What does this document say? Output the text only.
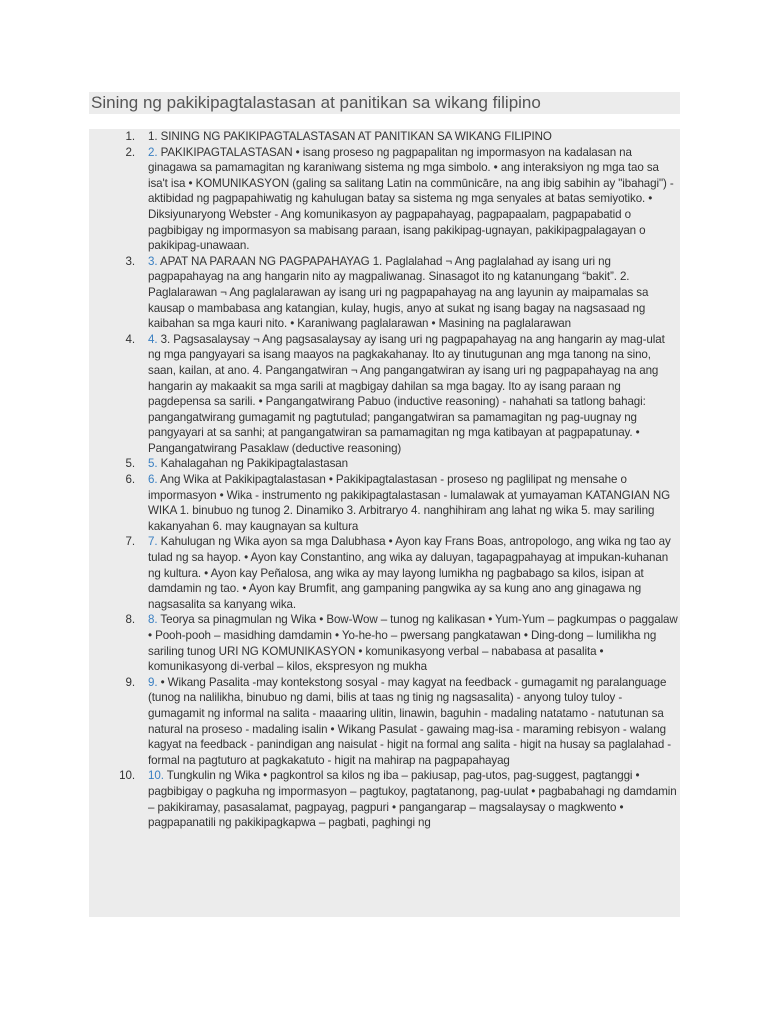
Sining ng pakikipagtalastasan at panitikan sa wikang filipino
1. 1. SINING NG PAKIKIPAGTALASTASAN AT PANITIKAN SA WIKANG FILIPINO
2. 2. PAKIKIPAGTALASTASAN • isang proseso ng pagpapalitan ng impormasyon na kadalasan na ginagawa sa pamamagitan ng karaniwang sistema ng mga simbolo. • ang interaksiyon ng mga tao sa isa't isa • KOMUNIKASYON (galing sa salitang Latin na commūnicāre, na ang ibig sabihin ay "ibahagi") - aktibidad ng pagpapahiwatig ng kahulugan batay sa sistema ng mga senyales at batas semiyotiko. • Diksiyunaryong Webster - Ang komunikasyon ay pagpapahayag, pagpapaalam, pagpapabatid o pagbibigay ng impormasyon sa mabisang paraan, isang pakikipag-ugnayan, pakikipagpalagayan o pakikipag-unawaan.
3. 3. APAT NA PARAAN NG PAGPAPAHAYAG 1. Paglalahad ¬ Ang paglalahad ay isang uri ng pagpapahayag na ang hangarin nito ay magpaliwanag. Sinasagot ito ng katanungang “bakit”. 2. Paglalarawan ¬ Ang paglalarawan ay isang uri ng pagpapahayag na ang layunin ay maipamalas sa kausap o mambabasa ang katangian, kulay, hugis, anyo at sukat ng isang bagay na nagsasaad ng kaibahan sa mga kauri nito. • Karaniwang paglalarawan • Masining na paglalarawan
4. 4. 3. Pagsasalaysay ¬ Ang pagsasalaysay ay isang uri ng pagpapahayag na ang hangarin ay mag-ulat ng mga pangyayari sa isang maayos na pagkakahanay. Ito ay tinutugunan ang mga tanong na sino, saan, kailan, at ano. 4. Pangangatwiran ¬ Ang pangangatwiran ay isang uri ng pagpapahayag na ang hangarin ay makaakit sa mga sarili at magbigay dahilan sa mga bagay. Ito ay isang paraan ng pagdepensa sa sarili. • Pangangatwirang Pabuo (inductive reasoning) - nahahati sa tatlong bahagi: pangangatwirang gumagamit ng pagtutulad; pangangatwiran sa pamamagitan ng pag-uugnay ng pangyayari at sa sanhi; at pangangatwiran sa pamamagitan ng mga katibayan at pagpapatunay. • Pangangatwirang Pasaklaw (deductive reasoning)
5. 5. Kahalagahan ng Pakikipagtalastasan
6. 6. Ang Wika at Pakikipagtalastasan • Pakikipagtalastasan - proseso ng paglilipat ng mensahe o impormasyon • Wika - instrumento ng pakikipagtalastasan - lumalawak at yumayaman KATANGIAN NG WIKA 1. binubuo ng tunog 2. Dinamiko 3. Arbitraryo 4. nanghihiram ang lahat ng wika 5. may sariling kakanyahan 6. may kaugnayan sa kultura
7. 7. Kahulugan ng Wika ayon sa mga Dalubhasa • Ayon kay Frans Boas, antropologo, ang wika ng tao ay tulad ng sa hayop. • Ayon kay Constantino, ang wika ay daluyan, tagapagpahayag at impukan-kuhanan ng kultura. • Ayon kay Peñalosa, ang wika ay may layong lumikha ng pagbabago sa kilos, isipan at damdamin ng tao. • Ayon kay Brumfit, ang gampaning pangwika ay sa kung ano ang ginagawa ng nagsasalita sa kanyang wika.
8. 8. Teorya sa pinagmulan ng Wika • Bow-Wow – tunog ng kalikasan • Yum-Yum – pagkumpas o paggalaw • Pooh-pooh – masidhing damdamin • Yo-he-ho – pwersang pangkatawan • Ding-dong – lumilikha ng sariling tunog URI NG KOMUNIKASYON • komunikasyong verbal – nababasa at pasalita • komunikasyong di-verbal – kilos, ekspresyon ng mukha
9. 9. • Wikang Pasalita -may kontekstong sosyal - may kagyat na feedback - gumagamit ng paralanguage (tunog na nalilikha, binubuo ng dami, bilis at taas ng tinig ng nagsasalita) - anyong tuloy tuloy - gumagamit ng informal na salita - maaaring ulitin, linawin, baguhin - madaling natatamo - natutunan sa natural na proseso - madaling isalin • Wikang Pasulat - gawaing mag-isa - maraming rebisyon - walang kagyat na feedback - panindigan ang naisulat - higit na formal ang salita - higit na husay sa paglalahad - formal na pagtuturo at pagkakatuto - higit na mahirap na pagpapahayag
10. 10. Tungkulin ng Wika • pagkontrol sa kilos ng iba – pakiusap, pag-utos, pag-suggest, pagtanggi • pagbibigay o pagkuha ng impormasyon – pagtukoy, pagtatanong, pag-uulat • pagbabahagi ng damdamin – pakikiramay, pasasalamat, pagpayag, pagpuri • pangangarap – magsalaysay o magkwento • pagpapanatili ng pakikipagkapwa – pagbati, paghingi ng
